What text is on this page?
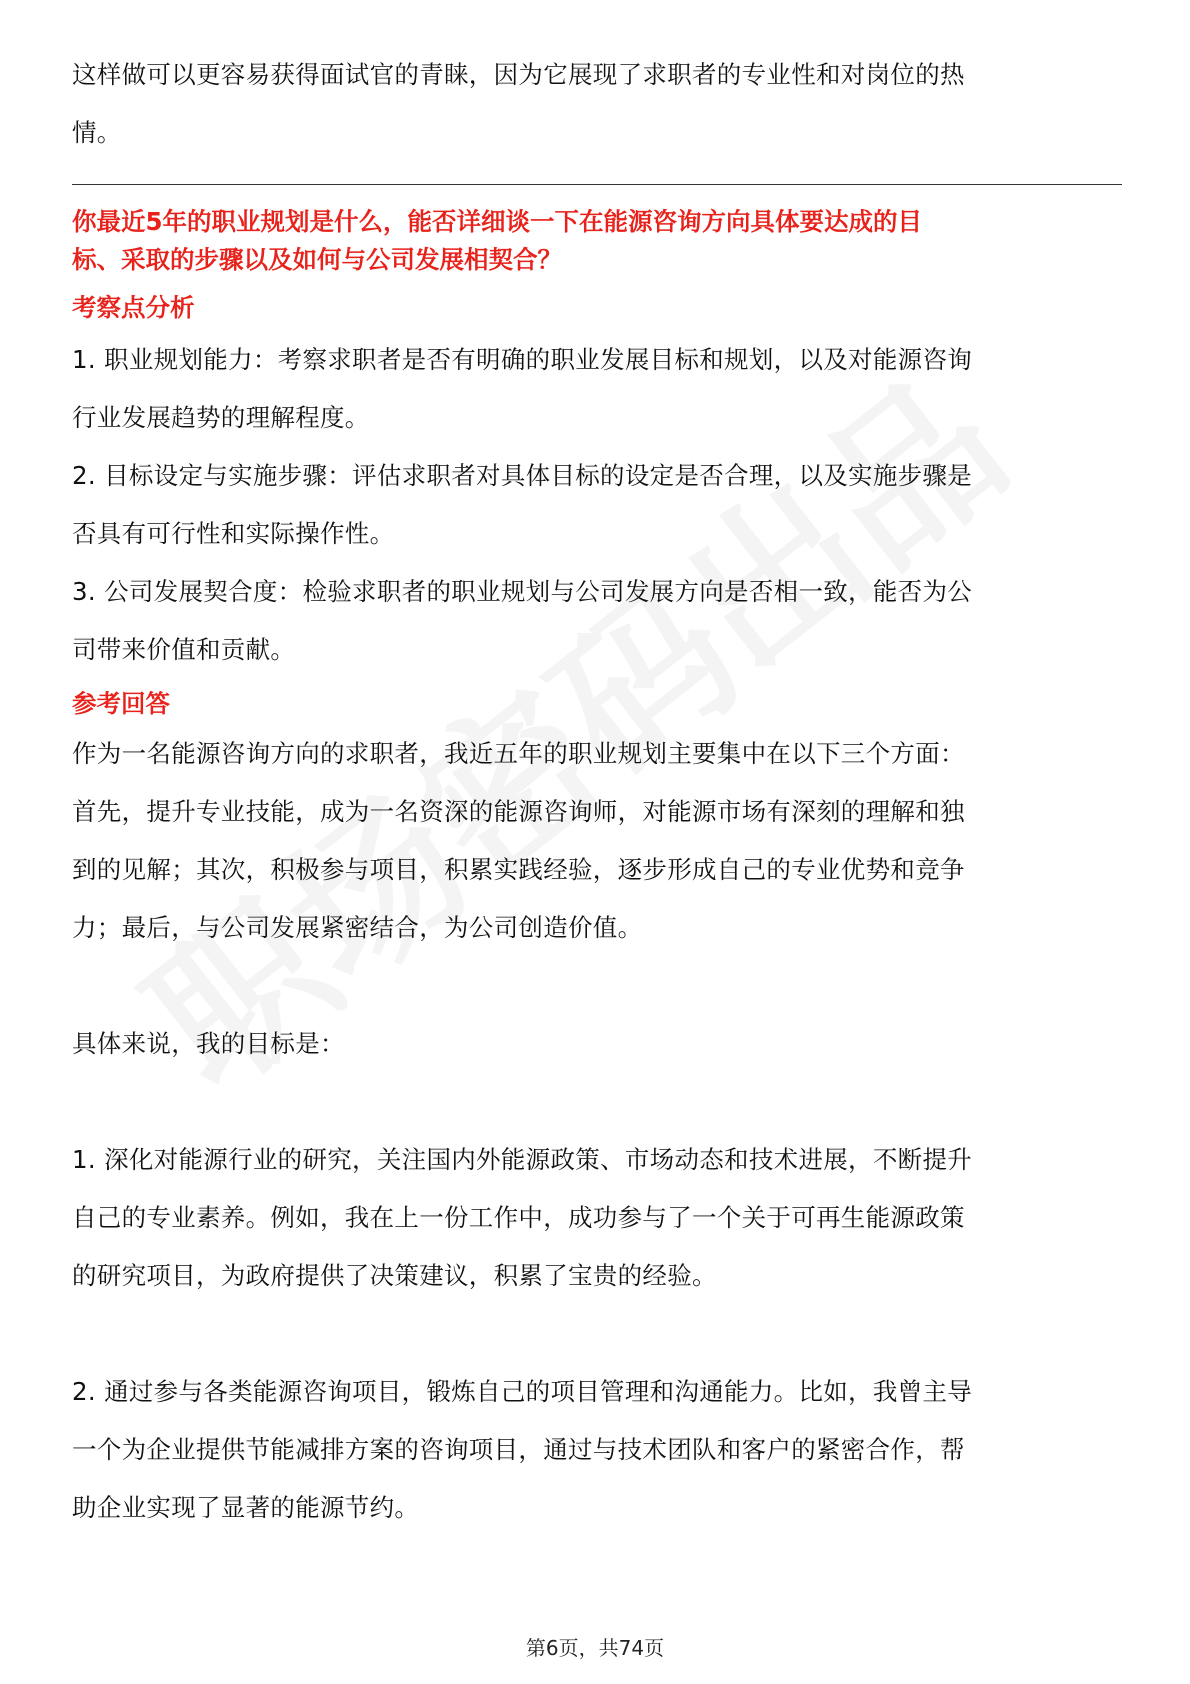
这样做可以更容易获得面试官的青睐，因为它展现了求职者的专业性和对岗位的热

情。

你最近5年的职业规划是什么，能否详细谈一下在能源咨询方向具体要达成的目

标、采取的步骤以及如何与公司发展相契合？

考察点分析

1. 职业规划能力：考察求职者是否有明确的职业发展目标和规划，以及对能源咨询

行业发展趋势的理解程度。

2. 目标设定与实施步骤：评估求职者对具体目标的设定是否合理，以及实施步骤是

否具有可行性和实际操作性。

3. 公司发展契合度：检验求职者的职业规划与公司发展方向是否相一致，能否为公

司带来价值和贡献。

参考回答

作为一名能源咨询方向的求职者，我近五年的职业规划主要集中在以下三个方面：

首先，提升专业技能，成为一名资深的能源咨询师，对能源市场有深刻的理解和独

到的见解；其次，积极参与项目，积累实践经验，逐步形成自己的专业优势和竞争

力；最后，与公司发展紧密结合，为公司创造价值。

具体来说，我的目标是：

1. 深化对能源行业的研究，关注国内外能源政策、市场动态和技术进展，不断提升

自己的专业素养。例如，我在上一份工作中，成功参与了一个关于可再生能源政策

的研究项目，为政府提供了决策建议，积累了宝贵的经验。

2. 通过参与各类能源咨询项目，锻炼自己的项目管理和沟通能力。比如，我曾主导

一个为企业提供节能减排方案的咨询项目，通过与技术团队和客户的紧密合作，帮

助企业实现了显著的能源节约。

第6页，共74页
